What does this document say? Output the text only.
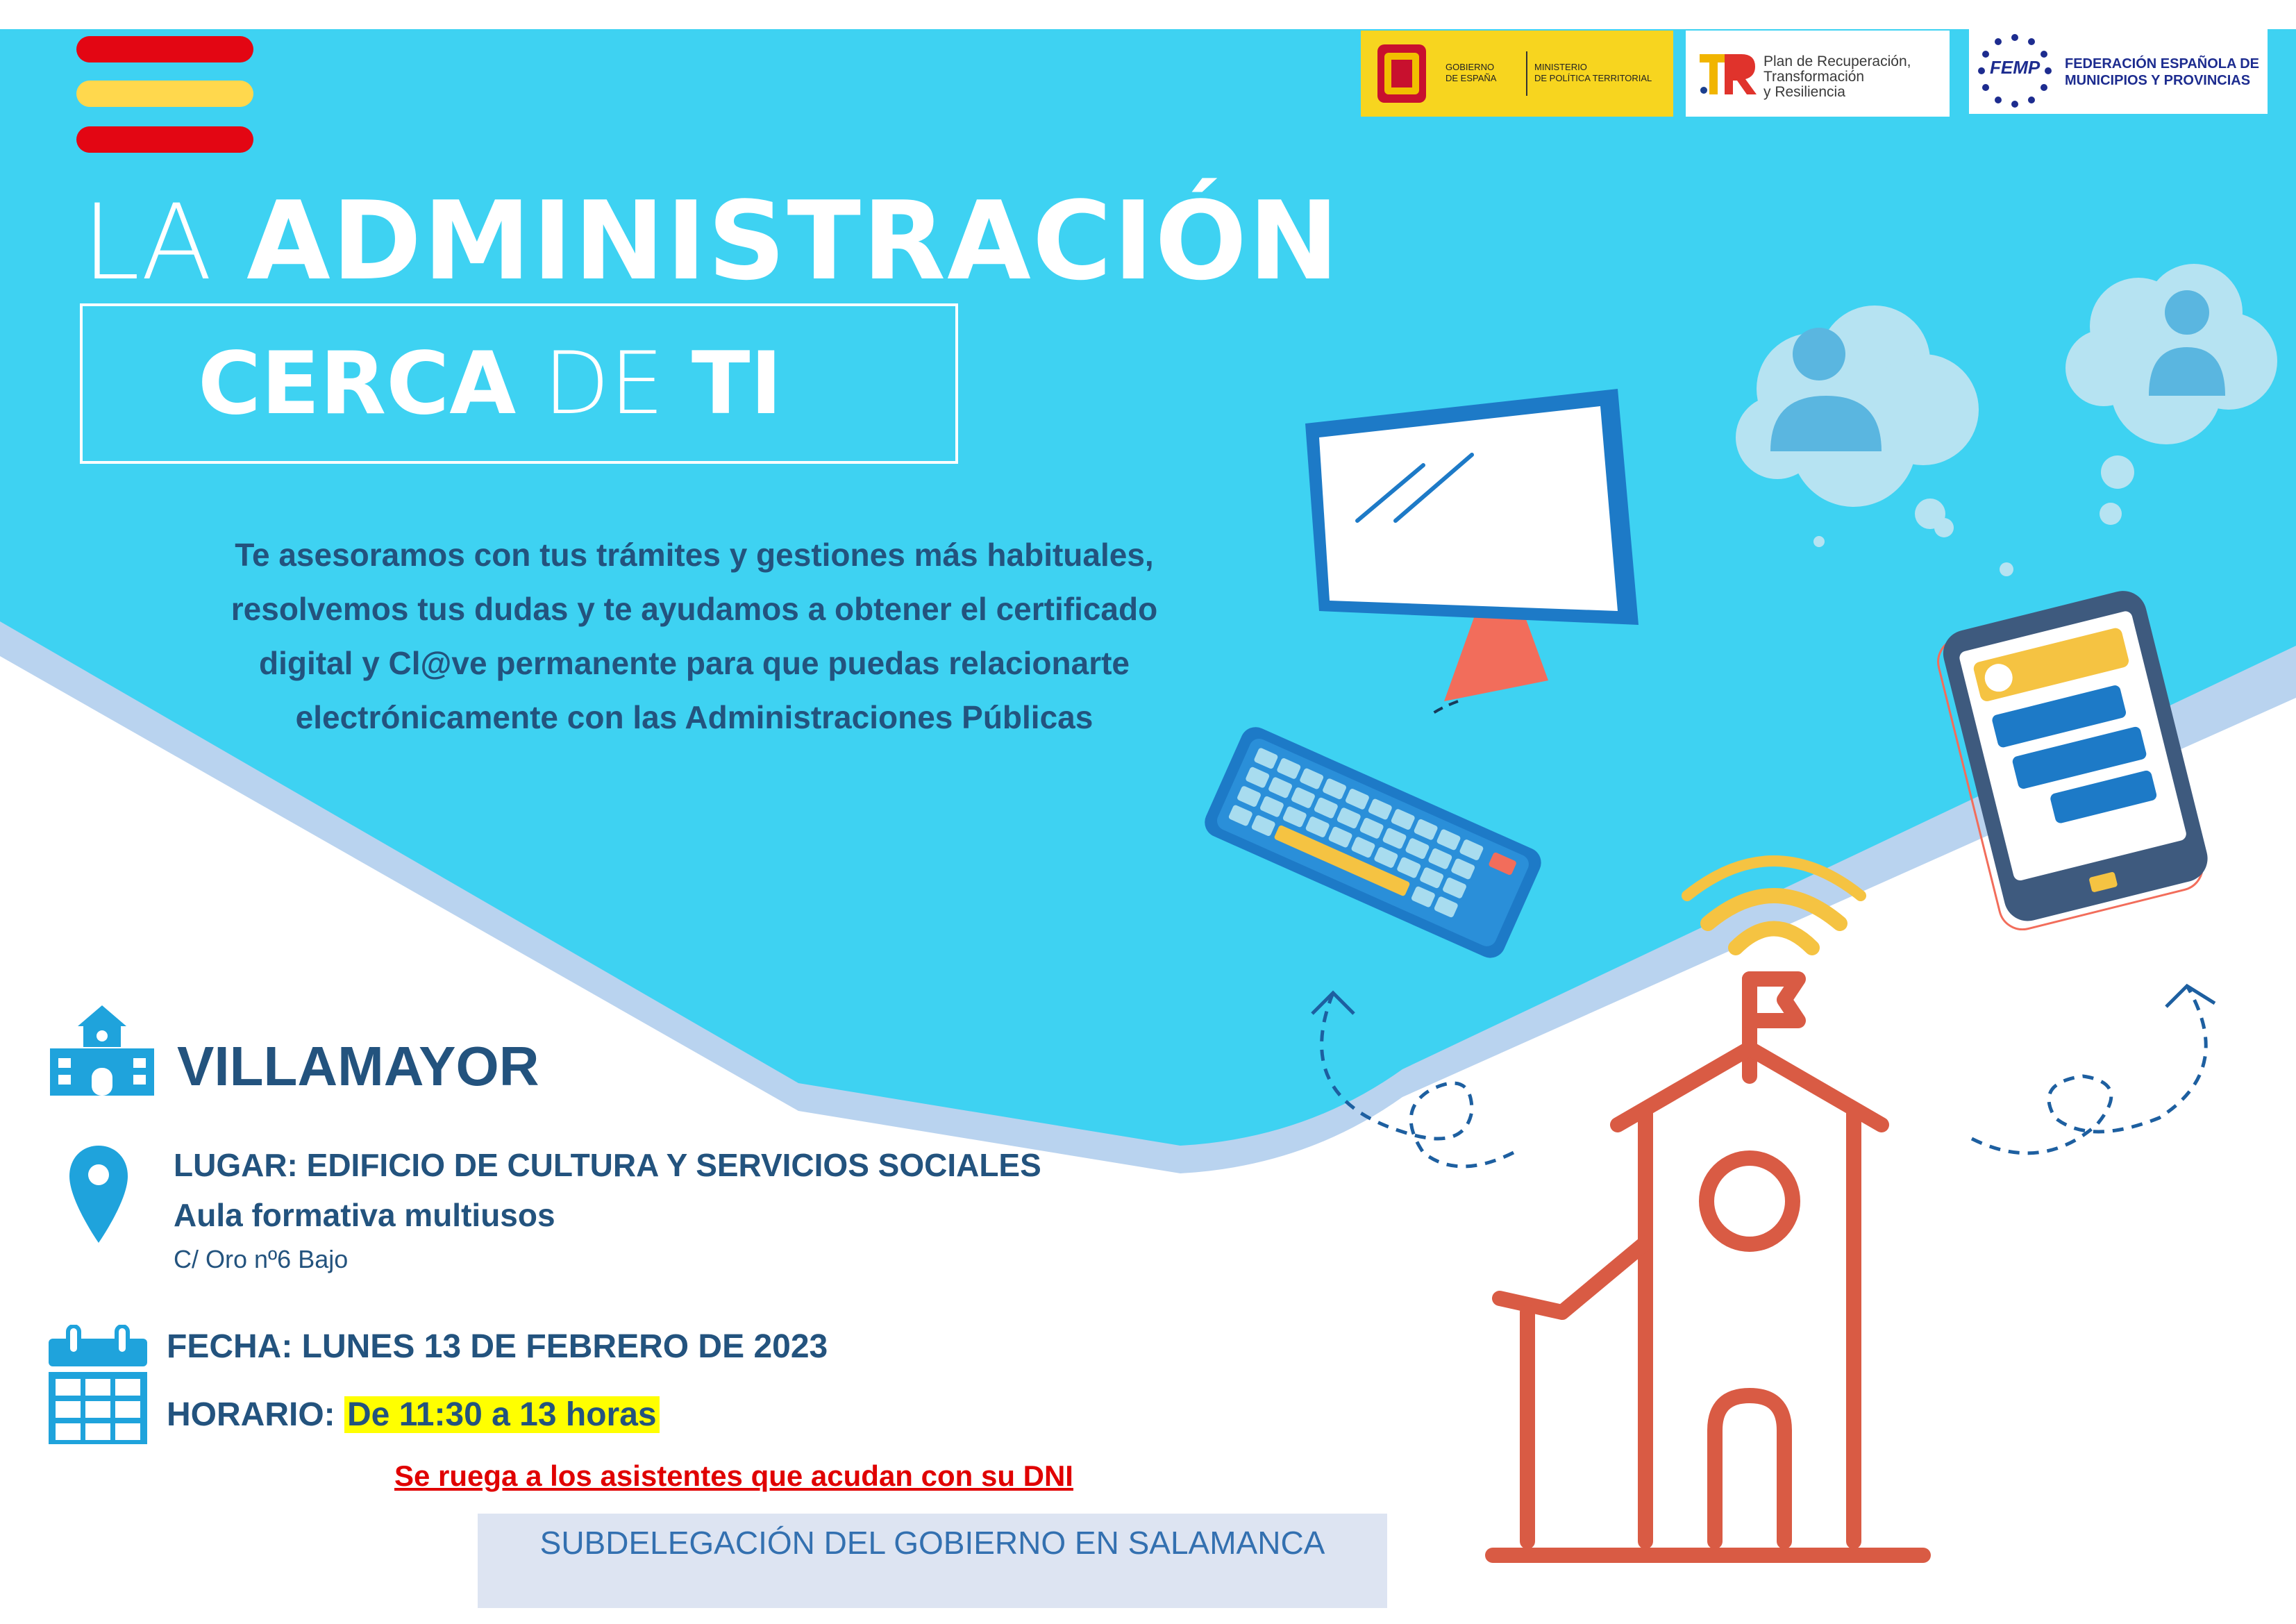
GOBIERNO
DE ESPAÑA
MINISTERIO
DE POLÍTICA TERRITORIAL
Plan de Recuperación,
Transformación
y Resiliencia
FEMP FEDERACIÓN ESPAÑOLA DE
MUNICIPIOS Y PROVINCIAS
LA ADMINISTRACIÓN
CERCA DE TI
Te asesoramos con tus trámites y gestiones más habituales,
resolvemos tus dudas y te ayudamos a obtener el certificado
digital y Cl@ve permanente para que puedas relacionarte
electrónicamente con las Administraciones Públicas
VILLAMAYOR
LUGAR: EDIFICIO DE CULTURA Y SERVICIOS SOCIALES
Aula formativa multiusos
C/ Oro nº6 Bajo
FECHA: LUNES 13 DE FEBRERO DE 2023
HORARIO: De 11:30 a 13 horas
Se ruega a los asistentes que acudan con su DNI
SUBDELEGACIÓN DEL GOBIERNO EN SALAMANCA
